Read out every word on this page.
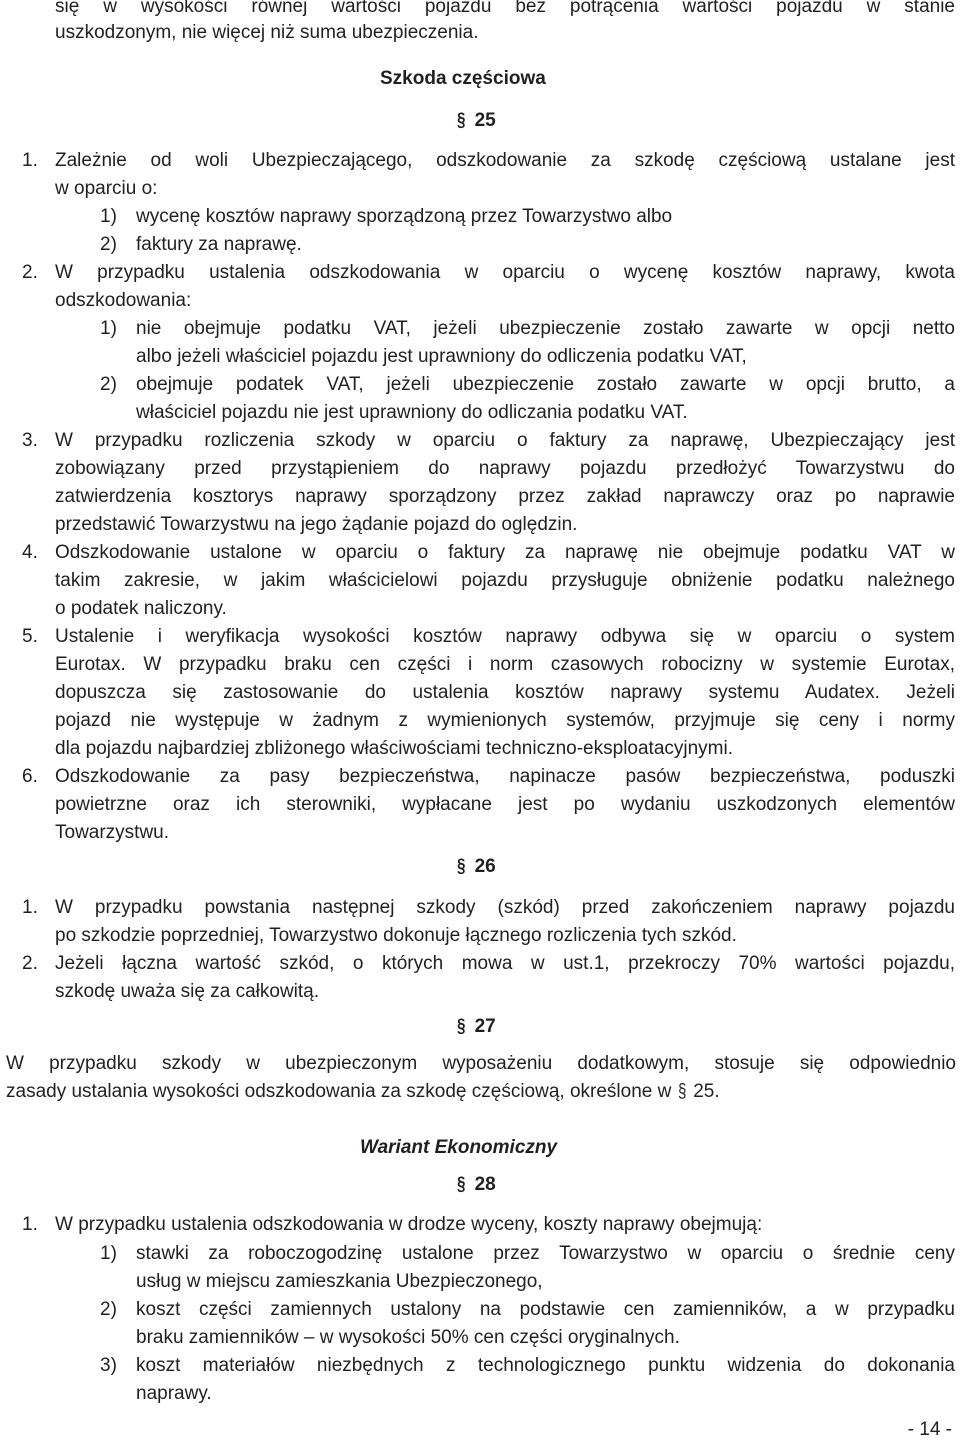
się w wysokości równej wartości pojazdu bez potrącenia wartości pojazdu w stanie
uszkodzonym, nie więcej niż suma ubezpieczenia.
Szkoda częściowa
§ 25
1. Zależnie od woli Ubezpieczającego, odszkodowanie za szkodę częściową ustalane jest
w oparciu o:
1) wycenę kosztów naprawy sporządzoną przez Towarzystwo albo
2) faktury za naprawę.
2. W przypadku ustalenia odszkodowania w oparciu o wycenę kosztów naprawy, kwota
odszkodowania:
1) nie obejmuje podatku VAT, jeżeli ubezpieczenie zostało zawarte w opcji netto
albo jeżeli właściciel pojazdu jest uprawniony do odliczenia podatku VAT,
2) obejmuje podatek VAT, jeżeli ubezpieczenie zostało zawarte w opcji brutto, a
właściciel pojazdu nie jest uprawniony do odliczania podatku VAT.
3. W przypadku rozliczenia szkody w oparciu o faktury za naprawę, Ubezpieczający jest
zobowiązany przed przystąpieniem do naprawy pojazdu przedłożyć Towarzystwu do
zatwierdzenia kosztorys naprawy sporządzony przez zakład naprawczy oraz po naprawie
przedstawić Towarzystwu na jego żądanie pojazd do oględzin.
4. Odszkodowanie ustalone w oparciu o faktury za naprawę nie obejmuje podatku VAT w
takim zakresie, w jakim właścicielowi pojazdu przysługuje obniżenie podatku należnego
o podatek naliczony.
5. Ustalenie i weryfikacja wysokości kosztów naprawy odbywa się w oparciu o system
Eurotax. W przypadku braku cen części i norm czasowych robocizny w systemie Eurotax,
dopuszcza się zastosowanie do ustalenia kosztów naprawy systemu Audatex. Jeżeli
pojazd nie występuje w żadnym z wymienionych systemów, przyjmuje się ceny i normy
dla pojazdu najbardziej zbliżonego właściwościami techniczno-eksploatacyjnymi.
6. Odszkodowanie za pasy bezpieczeństwa, napinacze pasów bezpieczeństwa, poduszki
powietrzne oraz ich sterowniki, wypłacane jest po wydaniu uszkodzonych elementów
Towarzystwu.
§ 26
1. W przypadku powstania następnej szkody (szkód) przed zakończeniem naprawy pojazdu
po szkodzie poprzedniej, Towarzystwo dokonuje łącznego rozliczenia tych szkód.
2. Jeżeli łączna wartość szkód, o których mowa w ust.1, przekroczy 70% wartości pojazdu,
szkodę uważa się za całkowitą.
§ 27
W przypadku szkody w ubezpieczonym wyposażeniu dodatkowym, stosuje się odpowiednio
zasady ustalania wysokości odszkodowania za szkodę częściową, określone w § 25.
Wariant Ekonomiczny
§ 28
1. W przypadku ustalenia odszkodowania w drodze wyceny, koszty naprawy obejmują:
1) stawki za roboczogodzinę ustalone przez Towarzystwo w oparciu o średnie ceny
usług w miejscu zamieszkania Ubezpieczonego,
2) koszt części zamiennych ustalony na podstawie cen zamienników, a w przypadku
braku zamienników – w wysokości 50% cen części oryginalnych.
3) koszt materiałów niezbędnych z technologicznego punktu widzenia do dokonania
naprawy.
- 14 -
